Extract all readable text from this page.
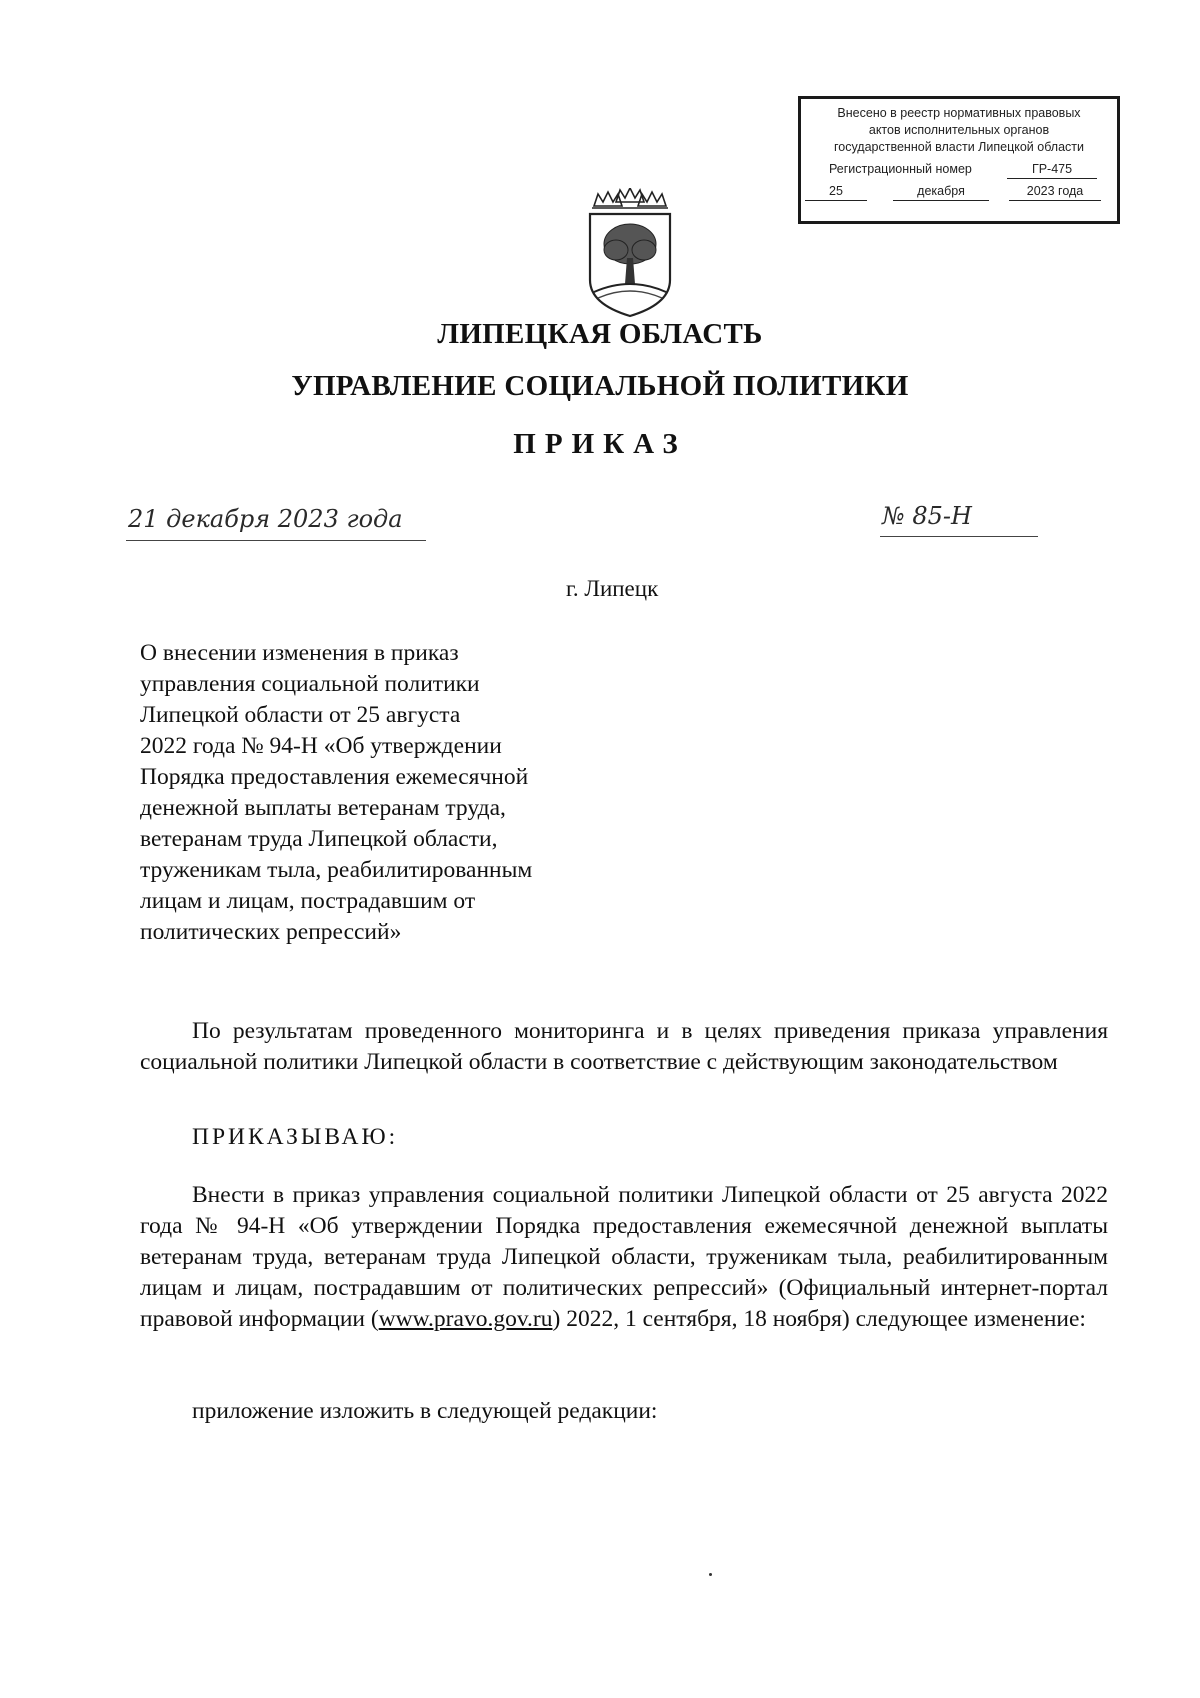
Внесено в реестр нормативных правовых
актов исполнительных органов
государственной власти Липецкой области
Регистрационный номер	ГР-475
25	декабря	2023 года
ЛИПЕЦКАЯ ОБЛАСТЬ
УПРАВЛЕНИЕ СОЦИАЛЬНОЙ ПОЛИТИКИ
ПРИКАЗ
21 декабря 2023 года	№ 85-Н
г. Липецк
О внесении изменения в приказ
управления социальной политики
Липецкой области от 25 августа
2022 года № 94-Н «Об утверждении
Порядка предоставления ежемесячной
денежной выплаты ветеранам труда,
ветеранам труда Липецкой области,
труженикам тыла, реабилитированным
лицам и лицам, пострадавшим от
политических репрессий»
По результатам проведенного мониторинга и в целях приведения приказа управления социальной политики Липецкой области в соответствие с действующим законодательством
ПРИКАЗЫВАЮ:
Внести в приказ управления социальной политики Липецкой области от 25 августа 2022 года № 94-Н «Об утверждении Порядка предоставления ежемесячной денежной выплаты ветеранам труда, ветеранам труда Липецкой области, труженикам тыла, реабилитированным лицам и лицам, пострадавшим от политических репрессий» (Официальный интернет-портал правовой информации (www.pravo.gov.ru) 2022, 1 сентября, 18 ноября) следующее изменение:
приложение изложить в следующей редакции:
